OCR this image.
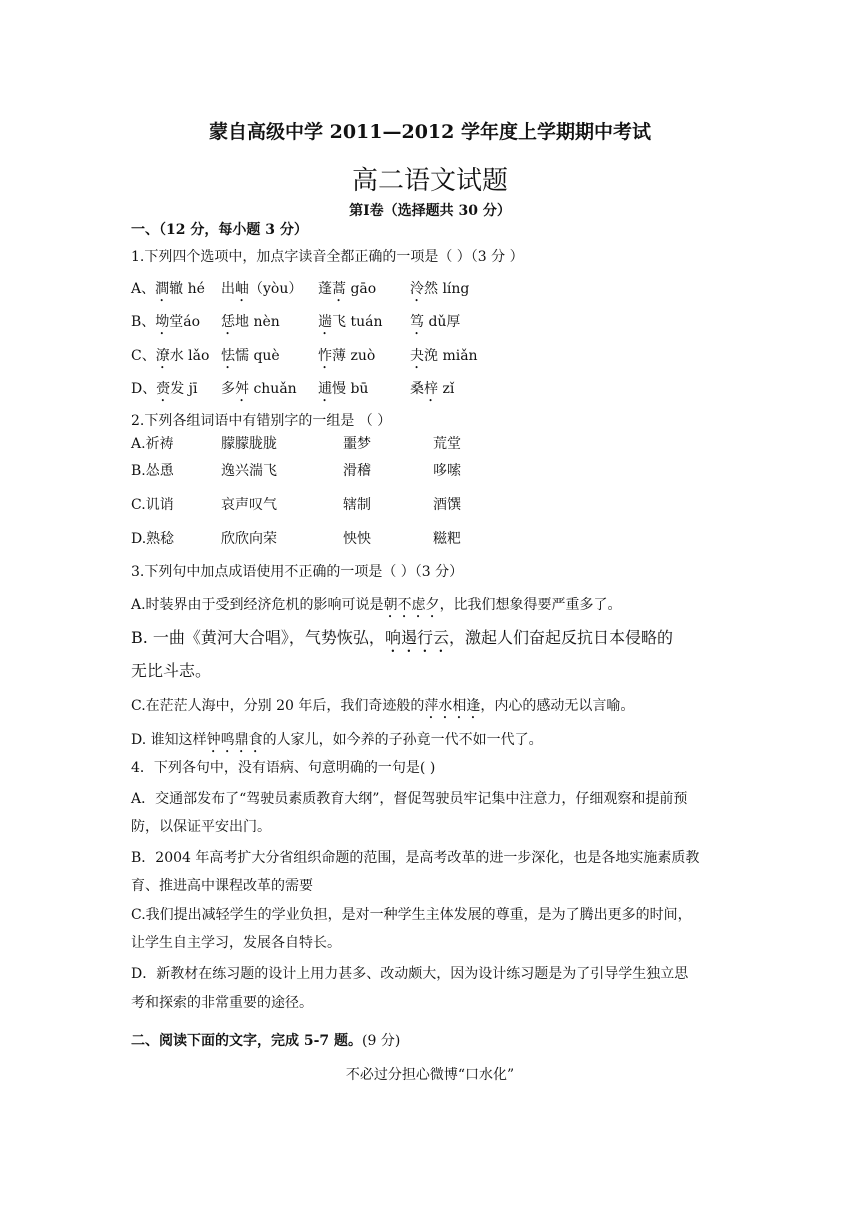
蒙自高级中学 2011—2012 学年度上学期期中考试
高二语文试题
第Ⅰ卷（选择题共 30 分）
一、（12 分，每小题 3 分）
1.下列四个选项中，加点字读音全都正确的一项是（ ）（3 分 ）
A、澗辙 hé 出岫（yòu） 蓬蒿 gāo 泠然 líng
B、坳堂áo 恁地 nèn	遄飞 tuán 笃 dǔ厚
C、潦水 lǎo 怯懦 què	怍薄 zuò 夬浼 miǎn
D、赍发 jī 多舛 chuǎn 逋慢 bū	桑梓 zǐ
2.下列各组词语中有错别字的一组是 （ ）
A.祈祷	朦朦胧胧	噩梦	荒堂
B.怂恿	逸兴湍飞	滑稽	哆嗦
C.讥诮	哀声叹气	辖制	酒馔
D.熟稔	欣欣向荣	怏怏	糍粑
3.下列句中加点成语使用不正确的一项是（ ）（3 分）
A.时装界由于受到经济危机的影响可说是朝不虑夕，比我们想象得要严重多了。
B. 一曲《黄河大合唱》，气势恢弘，响遏行云，激起人们奋起反抗日本侵略的
无比斗志。
C.在茫茫人海中，分别 20 年后，我们奇迹般的萍水相逢，内心的感动无以言喻。
D. 谁知这样钟鸣鼎食的人家儿，如今养的子孙竟一代不如一代了。
4．下列各句中，没有语病、句意明确的一句是( )
A．交通部发布了“驾驶员素质教育大纲”，督促驾驶员牢记集中注意力，仔细观察和提前预
防，以保证平安出门。
B．2004 年高考扩大分省组织命题的范围，是高考改革的进一步深化，也是各地实施素质教
育、推进高中课程改革的需要
C.我们提出减轻学生的学业负担，是对一种学生主体发展的尊重，是为了腾出更多的时间，
让学生自主学习，发展各自特长。
D．新教材在练习题的设计上用力甚多、改动颇大，因为设计练习题是为了引导学生独立思
考和探索的非常重要的途径。
二、阅读下面的文字，完成 5-7 题。(9 分)
不必过分担心微博“口水化”
